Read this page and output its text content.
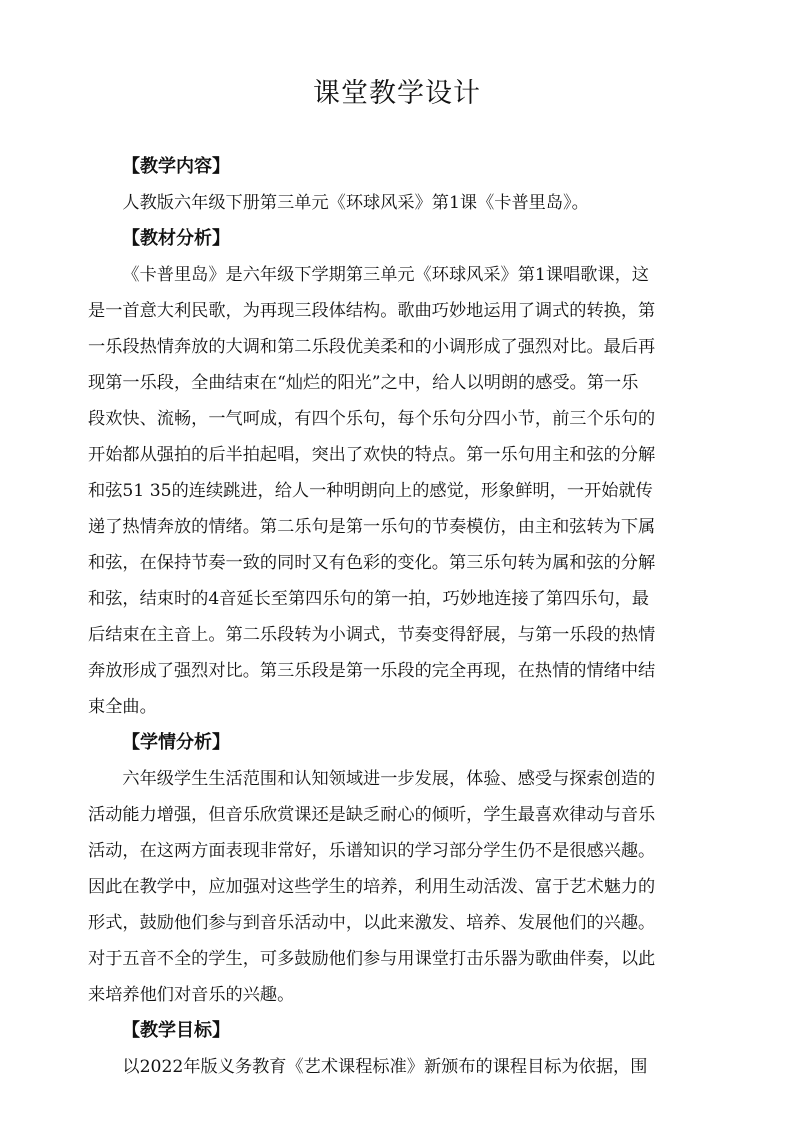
课堂教学设计
【教学内容】
人教版六年级下册第三单元《环球风采》第1课《卡普里岛》。
【教材分析】
《卡普里岛》是六年级下学期第三单元《环球风采》第1课唱歌课，这
是一首意大利民歌，为再现三段体结构。歌曲巧妙地运用了调式的转换，第
一乐段热情奔放的大调和第二乐段优美柔和的小调形成了强烈对比。最后再
现第一乐段，全曲结束在“灿烂的阳光”之中，给人以明朗的感受。第一乐
段欢快、流畅，一气呵成，有四个乐句，每个乐句分四小节，前三个乐句的
开始都从强拍的后半拍起唱，突出了欢快的特点。第一乐句用主和弦的分解
和弦51 35的连续跳进，给人一种明朗向上的感觉，形象鲜明，一开始就传
递了热情奔放的情绪。第二乐句是第一乐句的节奏模仿，由主和弦转为下属
和弦，在保持节奏一致的同时又有色彩的变化。第三乐句转为属和弦的分解
和弦，结束时的4音延长至第四乐句的第一拍，巧妙地连接了第四乐句，最
后结束在主音上。第二乐段转为小调式，节奏变得舒展，与第一乐段的热情
奔放形成了强烈对比。第三乐段是第一乐段的完全再现，在热情的情绪中结
束全曲。
【学情分析】
六年级学生生活范围和认知领域进一步发展，体验、感受与探索创造的
活动能力增强，但音乐欣赏课还是缺乏耐心的倾听，学生最喜欢律动与音乐
活动，在这两方面表现非常好，乐谱知识的学习部分学生仍不是很感兴趣。
因此在教学中，应加强对这些学生的培养，利用生动活泼、富于艺术魅力的
形式，鼓励他们参与到音乐活动中，以此来激发、培养、发展他们的兴趣。
对于五音不全的学生，可多鼓励他们参与用课堂打击乐器为歌曲伴奏，以此
来培养他们对音乐的兴趣。
【教学目标】
以2022年版义务教育《艺术课程标准》新颁布的课程目标为依据，围
